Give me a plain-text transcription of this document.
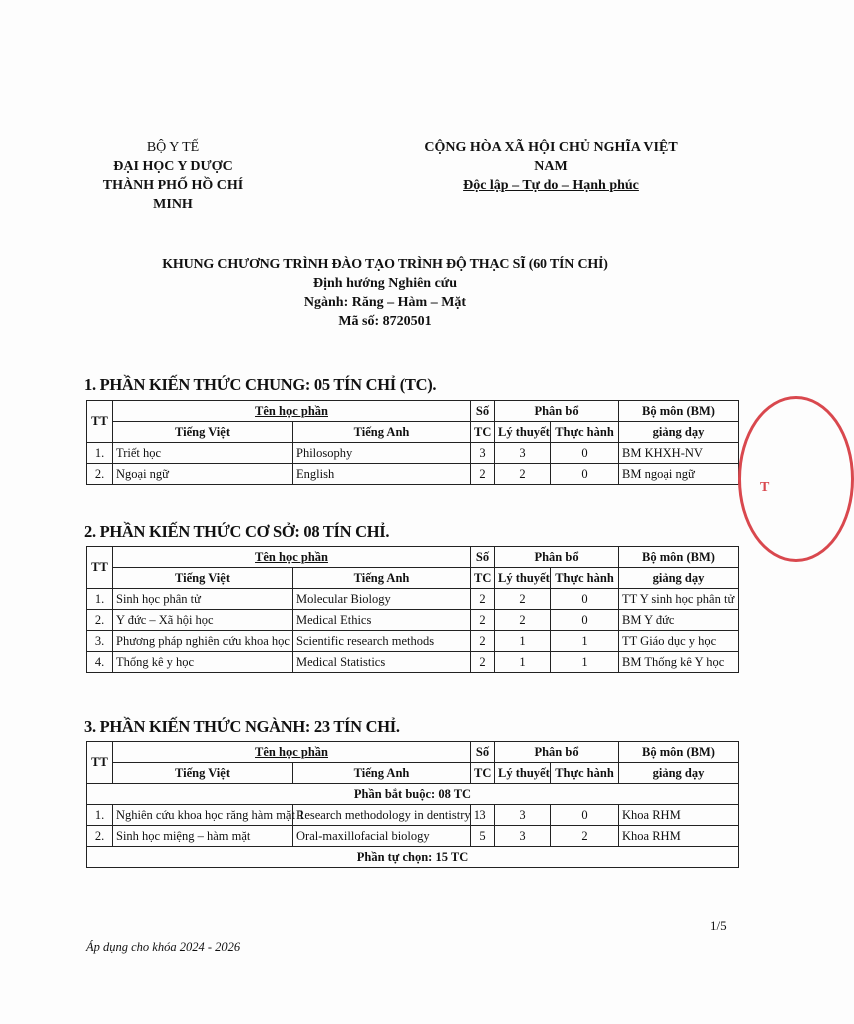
BỘ Y TẾ
ĐẠI HỌC Y DƯỢC
THÀNH PHỐ HỒ CHÍ MINH
CỘNG HÒA XÃ HỘI CHỦ NGHĨA VIỆT NAM
Độc lập – Tự do – Hạnh phúc
KHUNG CHƯƠNG TRÌNH ĐÀO TẠO TRÌNH ĐỘ THẠC SĨ (60 TÍN CHỈ)
Định hướng Nghiên cứu
Ngành: Răng – Hàm – Mặt
Mã số: 8720501
1. PHẦN KIẾN THỨC CHUNG: 05 TÍN CHỈ (TC).
TT	Tên học phần		Số	Phân bổ		Bộ môn (BM)
	Tiếng Việt	Tiếng Anh	TC	Lý thuyết	Thực hành	giảng dạy
1.	Triết học	Philosophy	3	3	0	BM KHXH-NV
2.	Ngoại ngữ	English	2	2	0	BM ngoại ngữ
2. PHẦN KIẾN THỨC CƠ SỞ: 08 TÍN CHỈ.
TT	Tên học phần		Số	Phân bổ		Bộ môn (BM)
	Tiếng Việt	Tiếng Anh	TC	Lý thuyết	Thực hành	giảng dạy
1.	Sinh học phân tử	Molecular Biology	2	2	0	TT Y sinh học phân tử
2.	Y đức – Xã hội học	Medical Ethics	2	2	0	BM Y đức
3.	Phương pháp nghiên cứu khoa học	Scientific research methods	2	1	1	TT Giáo dục y học
4.	Thống kê y học	Medical Statistics	2	1	1	BM Thống kê Y học
3. PHẦN KIẾN THỨC NGÀNH: 23 TÍN CHỈ.
TT	Tên học phần		Số	Phân bổ		Bộ môn (BM)
	Tiếng Việt	Tiếng Anh	TC	Lý thuyết	Thực hành	giảng dạy
Phần bắt buộc: 08 TC						
1.	Nghiên cứu khoa học răng hàm mặt 1	Research methodology in dentistry 1	3	3	0	Khoa RHM
2.	Sinh học miệng – hàm mặt	Oral-maxillofacial biology	5	3	2	Khoa RHM
Phần tự chọn: 15 TC						
T
1/5
Áp dụng cho khóa 2024 - 2026
